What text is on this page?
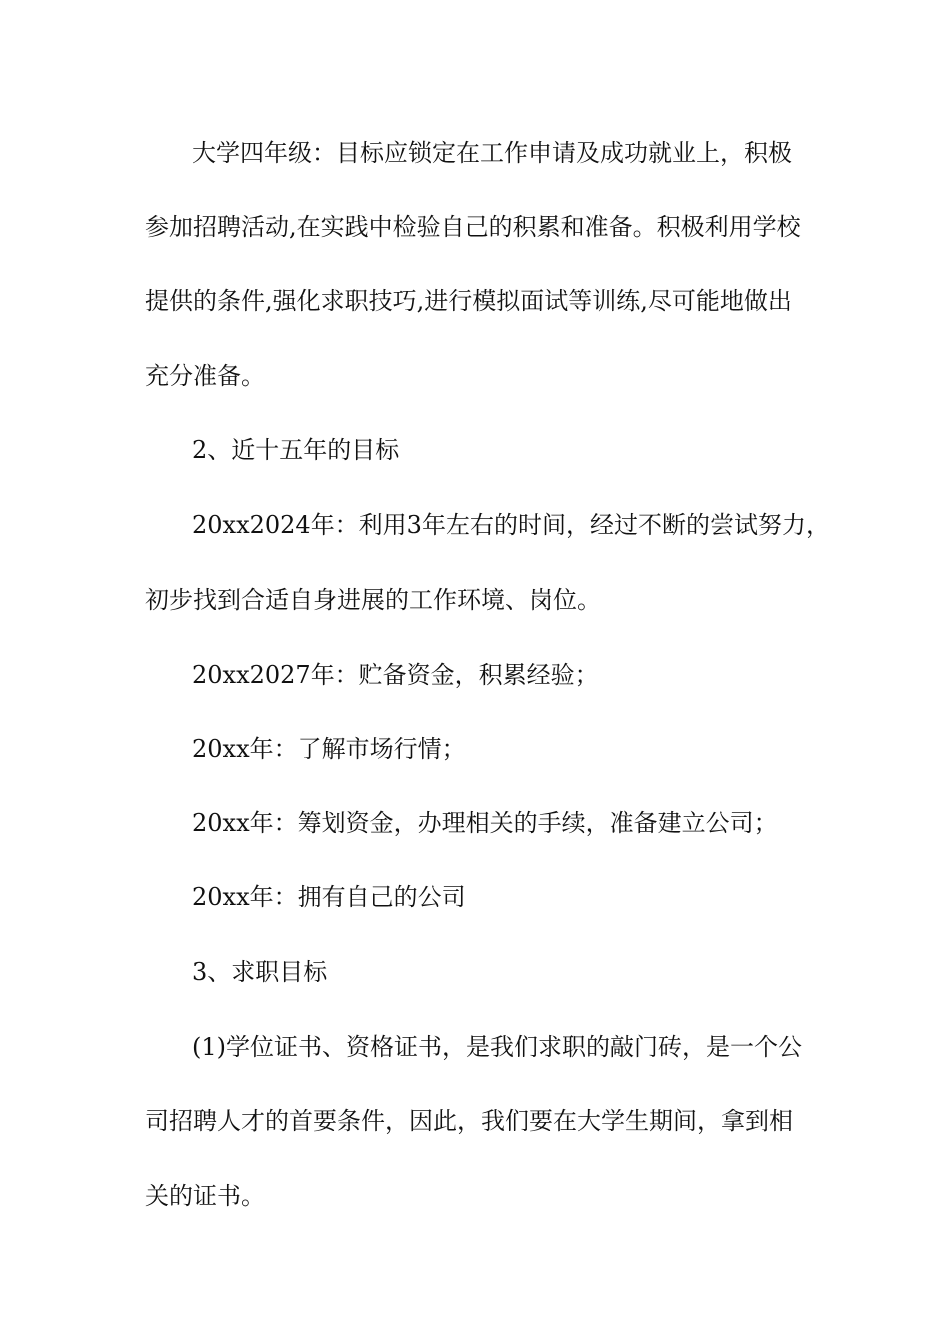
大学四年级：目标应锁定在工作申请及成功就业上，积极
参加招聘活动,在实践中检验自己的积累和准备。积极利用学校
提供的条件,强化求职技巧,进行模拟面试等训练,尽可能地做出
充分准备。
2、近十五年的目标
20xx2024年：利用3年左右的时间，经过不断的尝试努力，
初步找到合适自身进展的工作环境、岗位。
20xx2027年：贮备资金，积累经验；
20xx年：了解市场行情；
20xx年：筹划资金，办理相关的手续，准备建立公司；
20xx年：拥有自己的公司
3、求职目标
(1)学位证书、资格证书，是我们求职的敲门砖，是一个公
司招聘人才的首要条件，因此，我们要在大学生期间，拿到相
关的证书。
